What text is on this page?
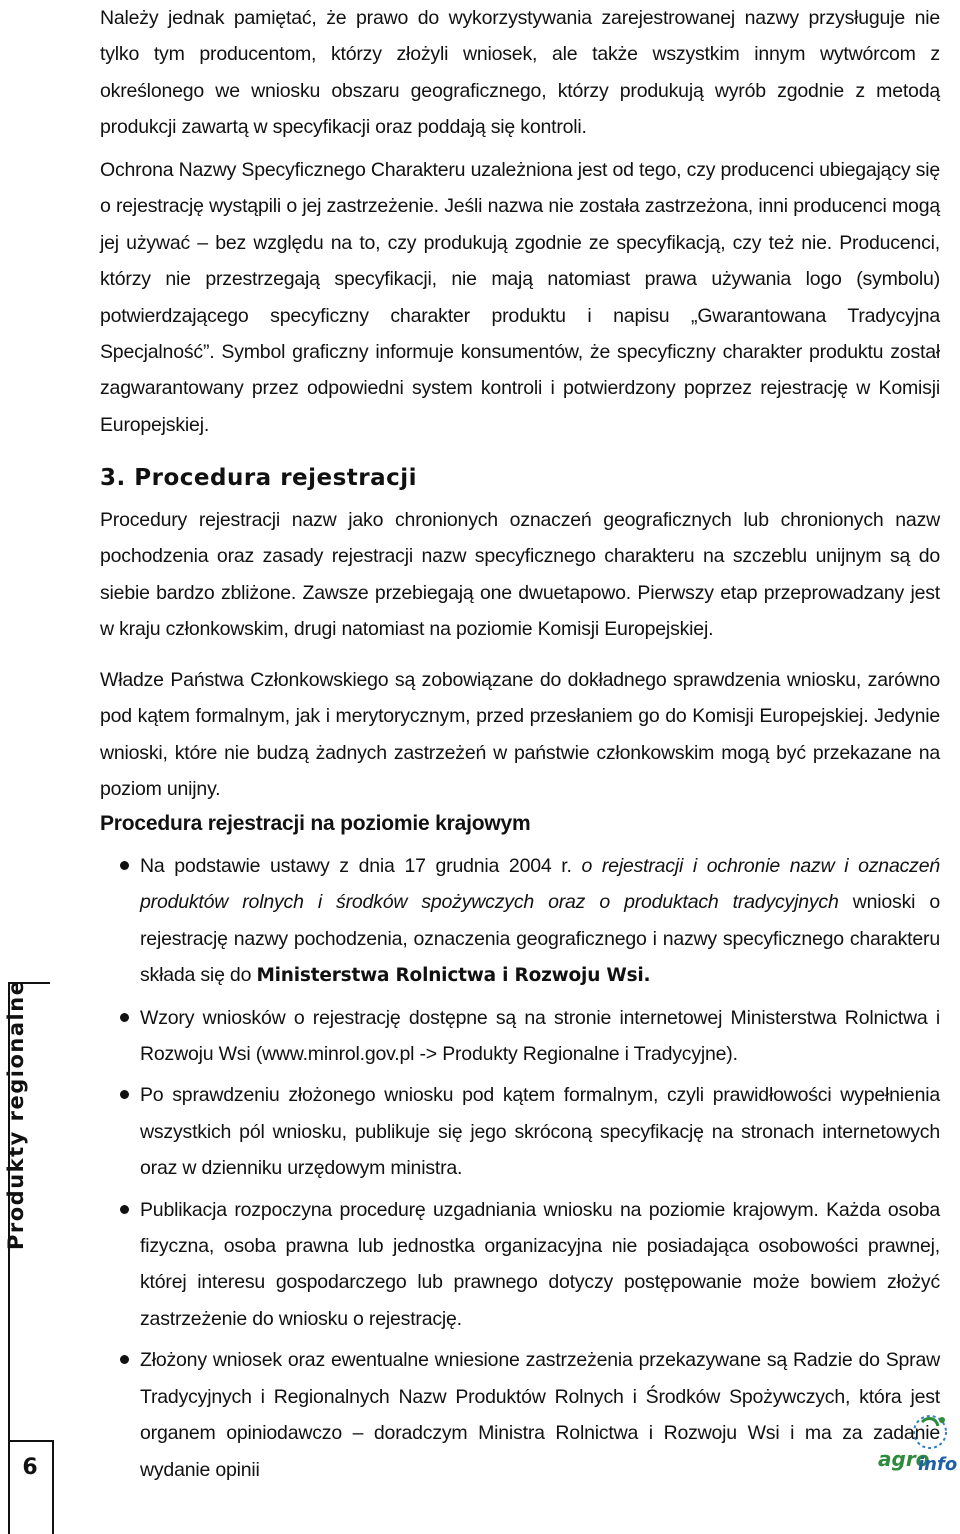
Należy jednak pamiętać, że prawo do wykorzystywania zarejestrowanej nazwy przysługuje nie tylko tym producentom, którzy złożyli wniosek, ale także wszystkim innym wytwórcom z określonego we wniosku obszaru geograficznego, którzy produkują wyrób zgodnie z metodą produkcji zawartą w specyfikacji oraz poddają się kontroli.

Ochrona Nazwy Specyficznego Charakteru uzależniona jest od tego, czy producenci ubiegający się o rejestrację wystąpili o jej zastrzeżenie. Jeśli nazwa nie została zastrzeżona, inni producenci mogą jej używać – bez względu na to, czy produkują zgodnie ze specyfikacją, czy też nie. Producenci, którzy nie przestrzegają specyfikacji, nie mają natomiast prawa używania logo (symbolu) potwierdzającego specyficzny charakter produktu i napisu „Gwarantowana Tradycyjna Specjalność”. Symbol graficzny informuje konsumentów, że specyficzny charakter produktu został zagwarantowany przez odpowiedni system kontroli i potwierdzony poprzez rejestrację w Komisji Europejskiej.

3. Procedura rejestracji

Procedury rejestracji nazw jako chronionych oznaczeń geograficznych lub chronionych nazw pochodzenia oraz zasady rejestracji nazw specyficznego charakteru na szczeblu unijnym są do siebie bardzo zbliżone. Zawsze przebiegają one dwuetapowo. Pierwszy etap przeprowadzany jest w kraju członkowskim, drugi natomiast na poziomie Komisji Europejskiej.

Władze Państwa Członkowskiego są zobowiązane do dokładnego sprawdzenia wniosku, zarówno pod kątem formalnym, jak i merytorycznym, przed przesłaniem go do Komisji Europejskiej. Jedynie wnioski, które nie budzą żadnych zastrzeżeń w państwie członkowskim mogą być przekazane na poziom unijny.

Procedura rejestracji na poziomie krajowym
Na podstawie ustawy z dnia 17 grudnia 2004 r. o rejestracji i ochronie nazw i oznaczeń produktów rolnych i środków spożywczych oraz o produktach tradycyjnych wnioski o rejestrację nazwy pochodzenia, oznaczenia geograficznego i nazwy specyficznego charakteru składa się do Ministerstwa Rolnictwa i Rozwoju Wsi.
Wzory wniosków o rejestrację dostępne są na stronie internetowej Ministerstwa Rolnictwa i Rozwoju Wsi (www.minrol.gov.pl -> Produkty Regionalne i Tradycyjne).
Po sprawdzeniu złożonego wniosku pod kątem formalnym, czyli prawidłowości wypełnienia wszystkich pól wniosku, publikuje się jego skróconą specyfikację na stronach internetowych oraz w dzienniku urzędowym ministra.
Publikacja rozpoczyna procedurę uzgadniania wniosku na poziomie krajowym. Każda osoba fizyczna, osoba prawna lub jednostka organizacyjna nie posiadająca osobowości prawnej, której interesu gospodarczego lub prawnego dotyczy postępowanie może bowiem złożyć zastrzeżenie do wniosku o rejestrację.
Złożony wniosek oraz ewentualne wniesione zastrzeżenia przekazywane są Radzie do Spraw Tradycyjnych i Regionalnych Nazw Produktów Rolnych i Środków Spożywczych, która jest organem opiniodawczo – doradczym Ministra Rolnictwa i Rozwoju Wsi i ma za zadanie wydanie opinii
Produkty regionalne
6	agro
info
